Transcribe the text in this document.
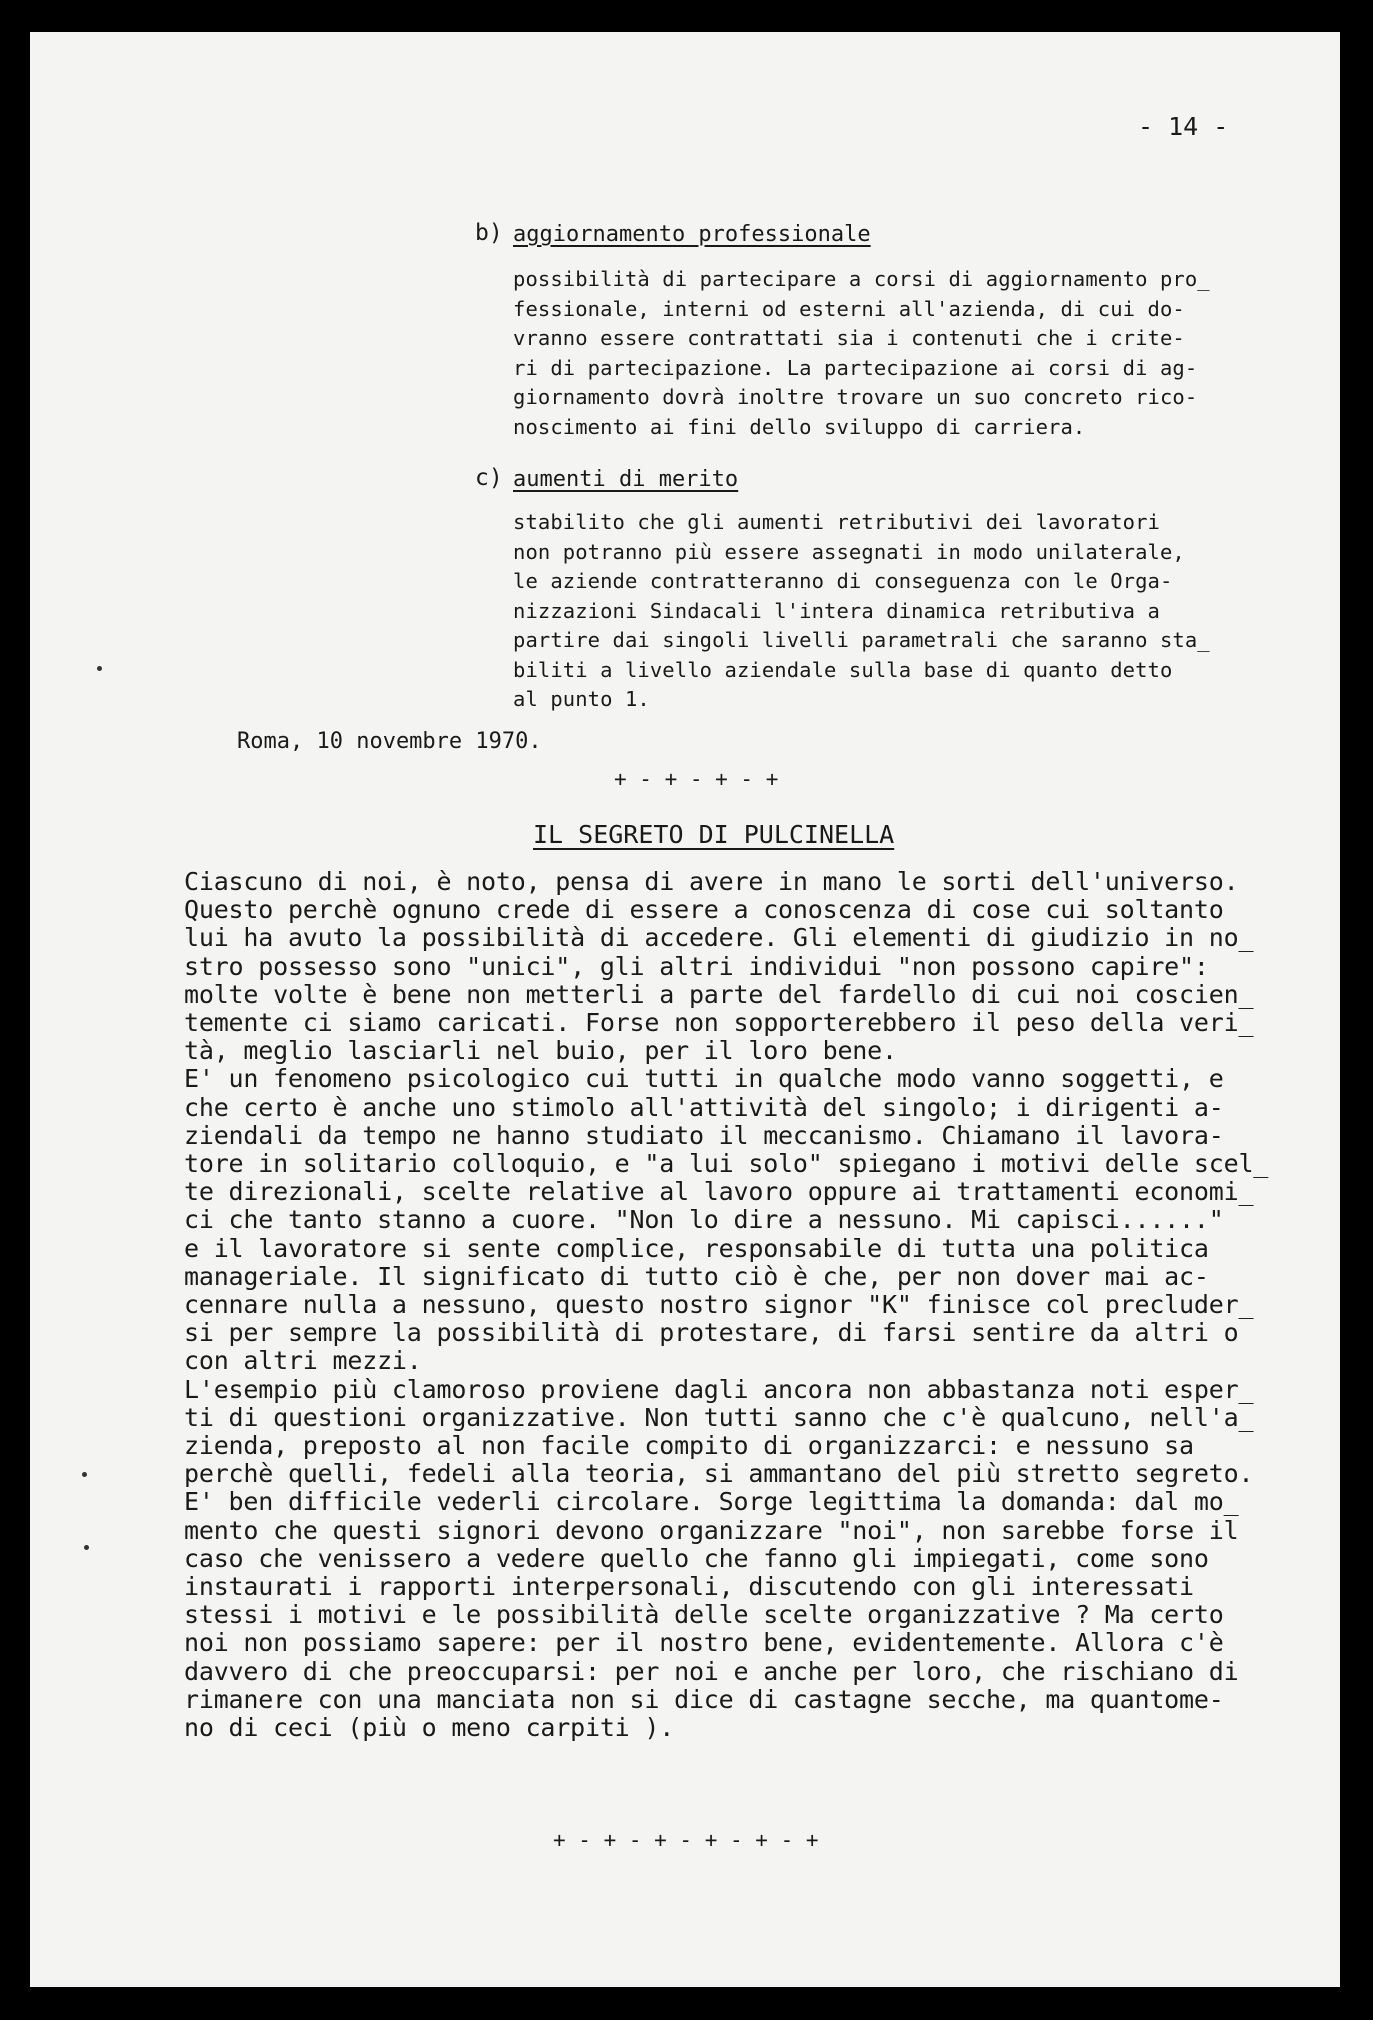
- 14 -
b) aggiornamento professionale
possibilità di partecipare a corsi di aggiornamento pro_
fessionale, interni od esterni all'azienda, di cui do-
vranno essere contrattati sia i contenuti che i crite-
ri di partecipazione. La partecipazione ai corsi di ag-
giornamento dovrà inoltre trovare un suo concreto rico-
noscimento ai fini dello sviluppo di carriera.
c) aumenti di merito
stabilito che gli aumenti retributivi dei lavoratori
non potranno più essere assegnati in modo unilaterale,
le aziende contratteranno di conseguenza con le Orga-
nizzazioni Sindacali l'intera dinamica retributiva a
partire dai singoli livelli parametrali che saranno sta_
biliti a livello aziendale sulla base di quanto detto
al punto 1.
Roma, 10 novembre 1970.
+ - + - + - +
IL SEGRETO DI PULCINELLA
Ciascuno di noi, è noto, pensa di avere in mano le sorti dell'universo.
Questo perchè ognuno crede di essere a conoscenza di cose cui soltanto
lui ha avuto la possibilità di accedere. Gli elementi di giudizio in no_
stro possesso sono "unici", gli altri individui "non possono capire":
molte volte è bene non metterli a parte del fardello di cui noi coscien_
temente ci siamo caricati. Forse non sopporterebbero il peso della veri_
tà, meglio lasciarli nel buio, per il loro bene.
E' un fenomeno psicologico cui tutti in qualche modo vanno soggetti, e
che certo è anche uno stimolo all'attività del singolo; i dirigenti a-
ziendali da tempo ne hanno studiato il meccanismo. Chiamano il lavora-
tore in solitario colloquio, e "a lui solo" spiegano i motivi delle scel_
te direzionali, scelte relative al lavoro oppure ai trattamenti economi_
ci che tanto stanno a cuore. "Non lo dire a nessuno. Mi capisci......"
e il lavoratore si sente complice, responsabile di tutta una politica
manageriale. Il significato di tutto ciò è che, per non dover mai ac-
cennare nulla a nessuno, questo nostro signor "K" finisce col precluder_
si per sempre la possibilità di protestare, di farsi sentire da altri o
con altri mezzi.
L'esempio più clamoroso proviene dagli ancora non abbastanza noti esper_
ti di questioni organizzative. Non tutti sanno che c'è qualcuno, nell'a_
zienda, preposto al non facile compito di organizzarci: e nessuno sa
perchè quelli, fedeli alla teoria, si ammantano del più stretto segreto.
E' ben difficile vederli circolare. Sorge legittima la domanda: dal mo_
mento che questi signori devono organizzare "noi", non sarebbe forse il
caso che venissero a vedere quello che fanno gli impiegati, come sono
instaurati i rapporti interpersonali, discutendo con gli interessati
stessi i motivi e le possibilità delle scelte organizzative ? Ma certo
noi non possiamo sapere: per il nostro bene, evidentemente. Allora c'è
davvero di che preoccuparsi: per noi e anche per loro, che rischiano di
rimanere con una manciata non si dice di castagne secche, ma quantome-
no di ceci (più o meno carpiti ).
+ - + - + - + - + - +
